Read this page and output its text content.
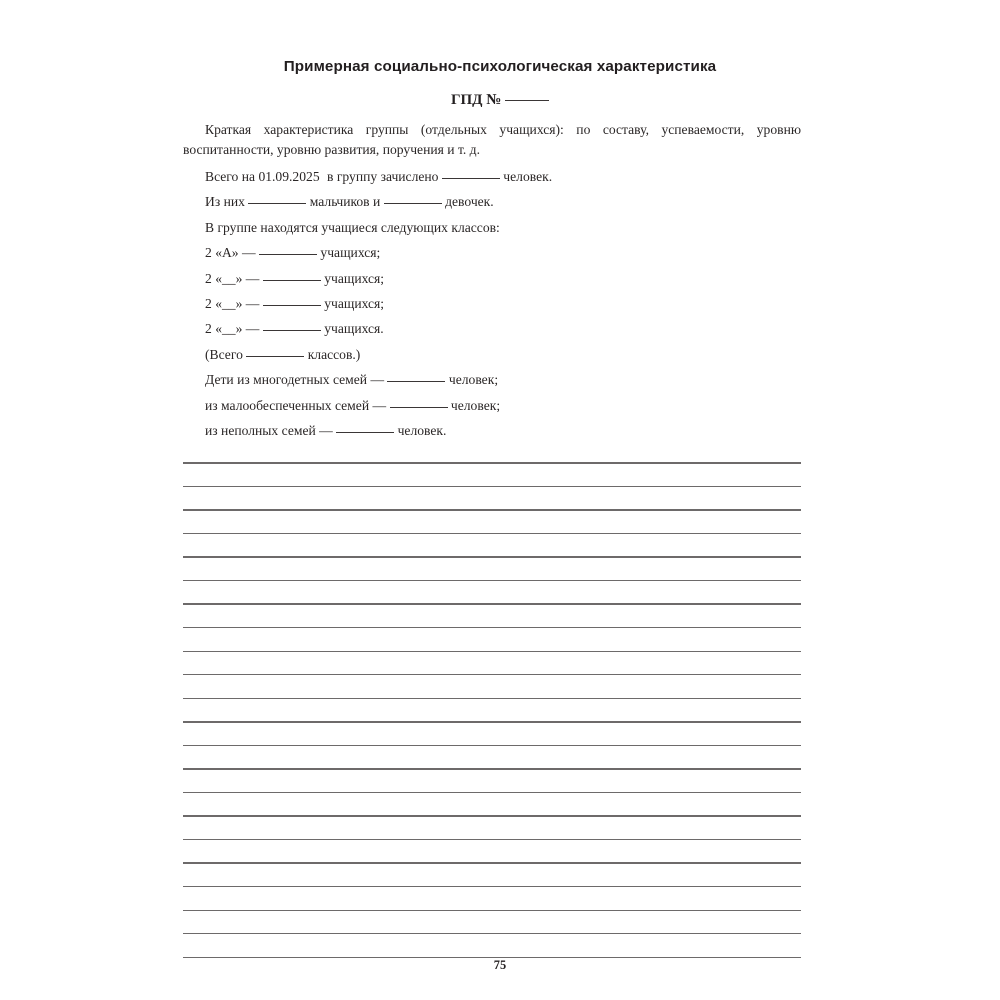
Примерная социально-психологическая характеристика
ГПД №

Краткая характеристика группы (отдельных учащихся): по составу, успеваемости, уровню воспитанности, уровню развития, поручения и т. д.

Всего на 01.09.2025 в группу зачислено	человек.

Из них	мальчиков и	девочек.

В группе находятся учащиеся следующих классов:

2 «А» —	учащихся;

2 «__» —	учащихся;

2 «__» —	учащихся;

2 «__» —	учащихся.

(Всего	классов.)

Дети из многодетных семей —	человек;

из малообеспеченных семей —	человек;

из неполных семей —	человек.

75
